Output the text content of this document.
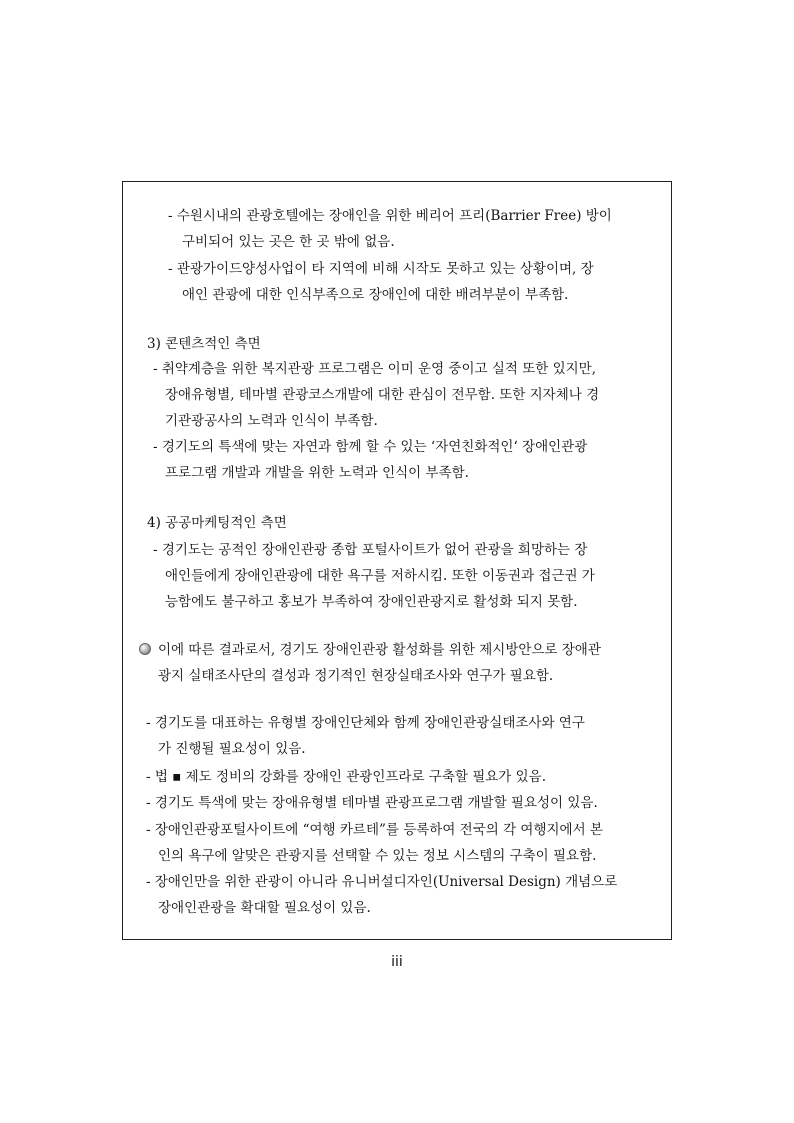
- 수원시내의 관광호텔에는 장애인을 위한 베리어 프리(Barrier Free) 방이
구비되어 있는 곳은 한 곳 밖에 없음.
- 관광가이드양성사업이 타 지역에 비해 시작도 못하고 있는 상황이며, 장
애인 관광에 대한 인식부족으로 장애인에 대한 배려부분이 부족함.
3) 콘텐츠적인 측면
- 취약계층을 위한 복지관광 프로그램은 이미 운영 중이고 실적 또한 있지만,
장애유형별, 테마별 관광코스개발에 대한 관심이 전무함. 또한 지자체나 경
기관광공사의 노력과 인식이 부족함.
- 경기도의 특색에 맞는 자연과 함께 할 수 있는 ‘자연친화적인‘ 장애인관광
프로그램 개발과 개발을 위한 노력과 인식이 부족함.
4) 공공마케팅적인 측면
- 경기도는 공적인 장애인관광 종합 포털사이트가 없어 관광을 희망하는 장
애인들에게 장애인관광에 대한 욕구를 저하시킴. 또한 이동권과 접근권 가
능함에도 불구하고 홍보가 부족하여 장애인관광지로 활성화 되지 못함.
이에 따른 결과로서, 경기도 장애인관광 활성화를 위한 제시방안으로 장애관
광지 실태조사단의 결성과 정기적인 현장실태조사와 연구가 필요함.
- 경기도를 대표하는 유형별 장애인단체와 함께 장애인관광실태조사와 연구
가 진행될 필요성이 있음.
- 법 ▪ 제도 정비의 강화를 장애인 관광인프라로 구축할 필요가 있음.
- 경기도 특색에 맞는 장애유형별 테마별 관광프로그램 개발할 필요성이 있음.
- 장애인관광포털사이트에 “여행 카르테”를 등록하여 전국의 각 여행지에서 본
인의 욕구에 알맞은 관광지를 선택할 수 있는 정보 시스템의 구축이 필요함.
- 장애인만을 위한 관광이 아니라 유니버설디자인(Universal Design) 개념으로
장애인관광을 확대할 필요성이 있음.
iii
